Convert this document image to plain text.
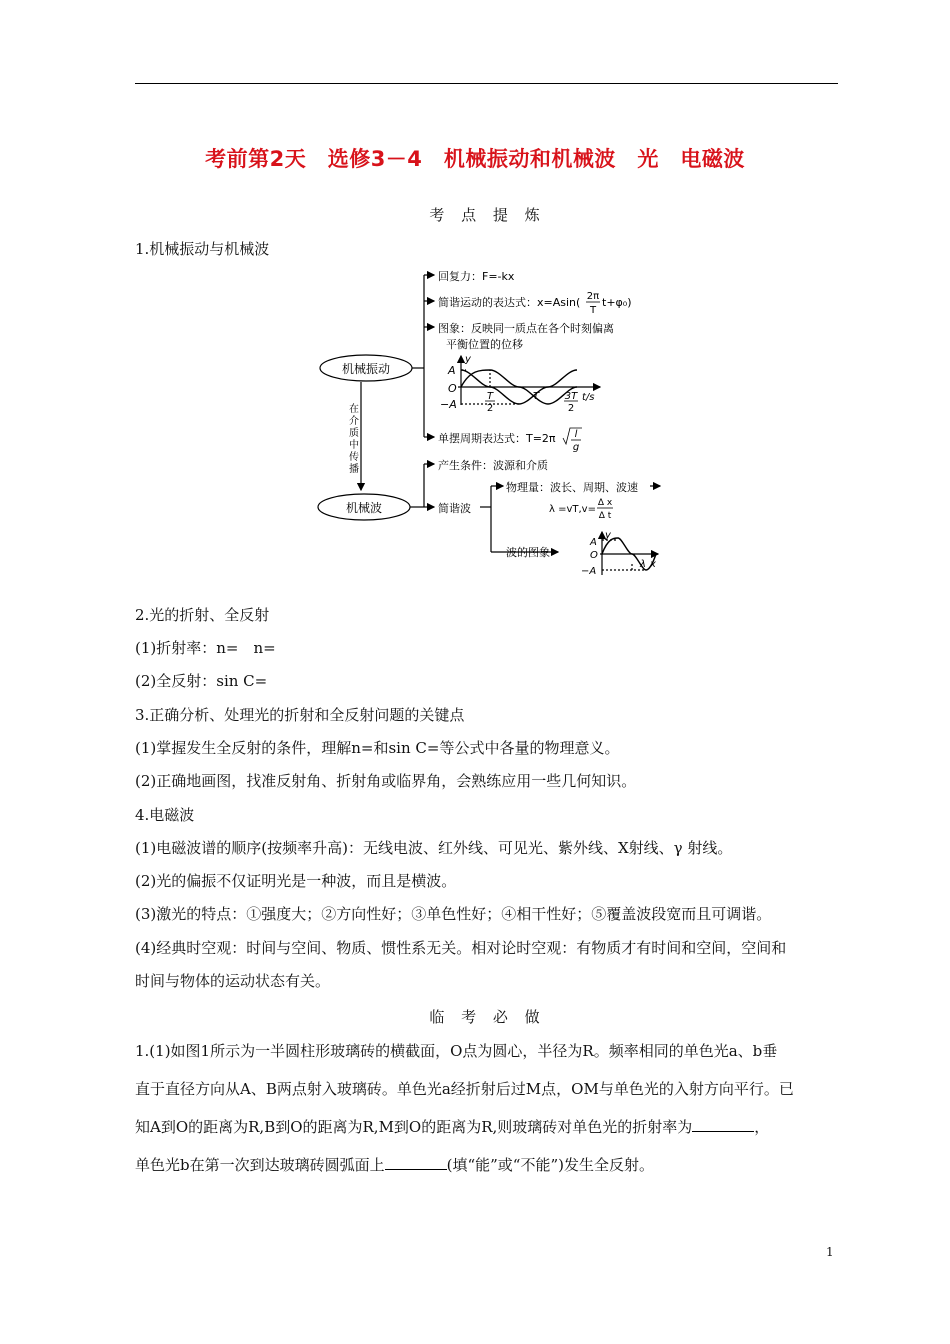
考前第2天　选修3－4　机械振动和机械波　光　电磁波
考 点 提 炼
1.机械振动与机械波
机械振动
机械波
在
介
质
中
传
播
回复力：F=-kx
简谐运动的表达式：x=Asin( 2π
T
t+φ₀)
图象：反映同一质点在各个时刻偏离
平衡位置的位移
y
A
O
−A
T
2
T	3T
2
t/s
单摆周期表达式：T=2π l
g
产生条件：波源和介质
简谐波
物理量：波长、周期、波速
λ =vT,v=
Δ x
Δ t
波的图象
y
A
O
−A
λ x
2.光的折射、全反射
(1)折射率：n=　n=
(2)全反射：sin C=
3.正确分析、处理光的折射和全反射问题的关键点
(1)掌握发生全反射的条件，理解n=和sin C=等公式中各量的物理意义。
(2)正确地画图，找准反射角、折射角或临界角，会熟练应用一些几何知识。
4.电磁波
(1)电磁波谱的顺序(按频率升高)：无线电波、红外线、可见光、紫外线、X射线、γ 射线。
(2)光的偏振不仅证明光是一种波，而且是横波。
(3)激光的特点：①强度大；②方向性好；③单色性好；④相干性好；⑤覆盖波段宽而且可调谐。
(4)经典时空观：时间与空间、物质、惯性系无关。相对论时空观：有物质才有时间和空间，空间和
时间与物体的运动状态有关。
临 考 必 做
1.(1)如图1所示为一半圆柱形玻璃砖的横截面，O点为圆心，半径为R。频率相同的单色光a、b垂
直于直径方向从A、B两点射入玻璃砖。单色光a经折射后过M点，OM与单色光的入射方向平行。已
知A到O的距离为R,B到O的距离为R,M到O的距离为R,则玻璃砖对单色光的折射率为	，
单色光b在第一次到达玻璃砖圆弧面上	(填“能”或“不能”)发生全反射。
1
